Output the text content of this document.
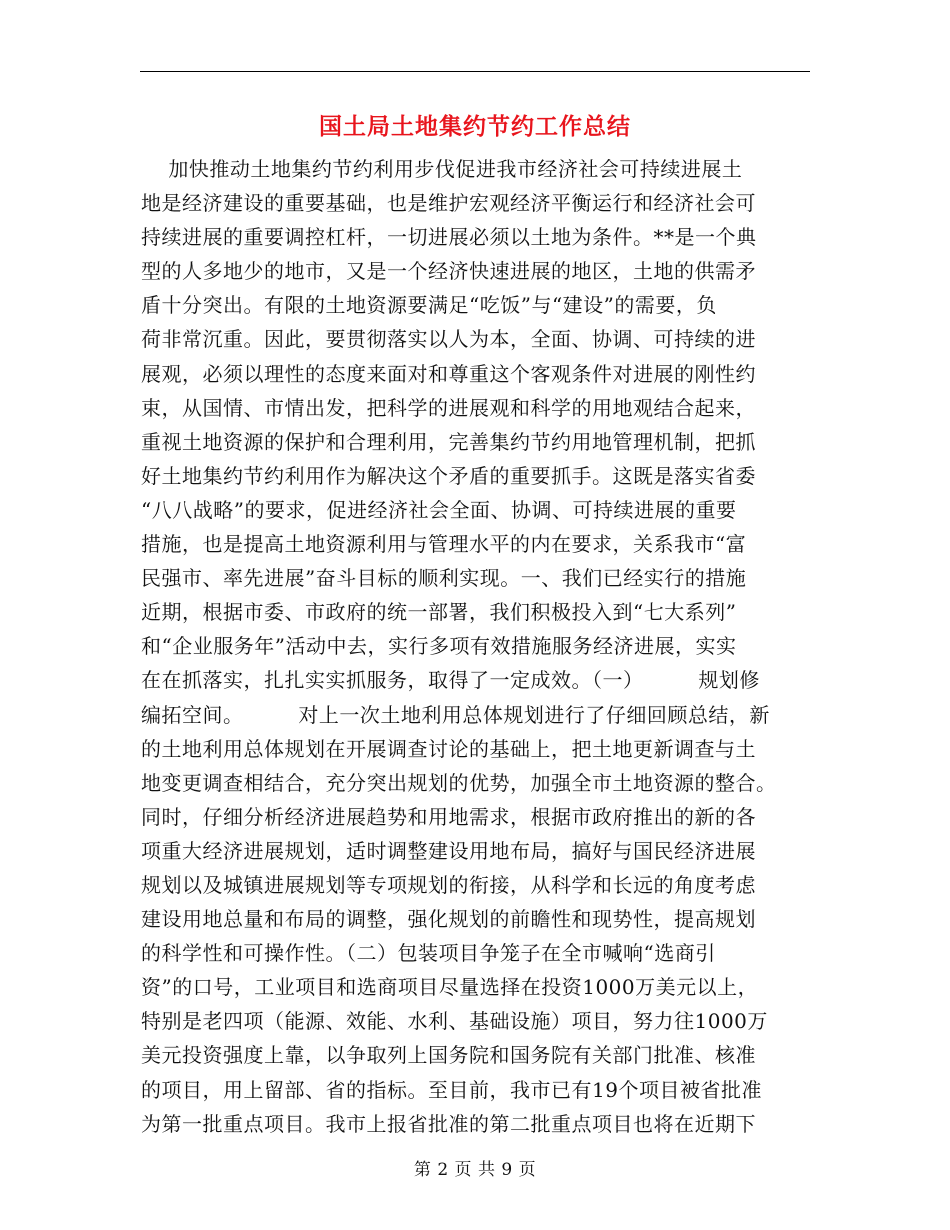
国土局土地集约节约工作总结
加快推动土地集约节约利用步伐促进我市经济社会可持续进展土
地是经济建设的重要基础，也是维护宏观经济平衡运行和经济社会可
持续进展的重要调控杠杆，一切进展必须以土地为条件。**是一个典
型的人多地少的地市，又是一个经济快速进展的地区，土地的供需矛
盾十分突出。有限的土地资源要满足“吃饭”与“建设”的需要，负
荷非常沉重。因此，要贯彻落实以人为本，全面、协调、可持续的进
展观，必须以理性的态度来面对和尊重这个客观条件对进展的刚性约
束，从国情、市情出发，把科学的进展观和科学的用地观结合起来，
重视土地资源的保护和合理利用，完善集约节约用地管理机制，把抓
好土地集约节约利用作为解决这个矛盾的重要抓手。这既是落实省委
“八八战略”的要求，促进经济社会全面、协调、可持续进展的重要
措施，也是提高土地资源利用与管理水平的内在要求，关系我市“富
民强市、率先进展”奋斗目标的顺利实现。一、我们已经实行的措施
近期，根据市委、市政府的统一部署，我们积极投入到“七大系列”
和“企业服务年”活动中去，实行多项有效措施服务经济进展，实实
在在抓落实，扎扎实实抓服务，取得了一定成效。（一）        规划修
编拓空间。        对上一次土地利用总体规划进行了仔细回顾总结，新
的土地利用总体规划在开展调查讨论的基础上，把土地更新调查与土
地变更调查相结合，充分突出规划的优势，加强全市土地资源的整合。
同时，仔细分析经济进展趋势和用地需求，根据市政府推出的新的各
项重大经济进展规划，适时调整建设用地布局，搞好与国民经济进展
规划以及城镇进展规划等专项规划的衔接，从科学和长远的角度考虑
建设用地总量和布局的调整，强化规划的前瞻性和现势性，提高规划
的科学性和可操作性。（二）包装项目争笼子在全市喊响“选商引
资”的口号，工业项目和选商项目尽量选择在投资1000万美元以上，
特别是老四项（能源、效能、水利、基础设施）项目，努力往1000万
美元投资强度上靠，以争取列上国务院和国务院有关部门批准、核准
的项目，用上留部、省的指标。至目前，我市已有19个项目被省批准
为第一批重点项目。我市上报省批准的第二批重点项目也将在近期下
第 2 页 共 9 页
